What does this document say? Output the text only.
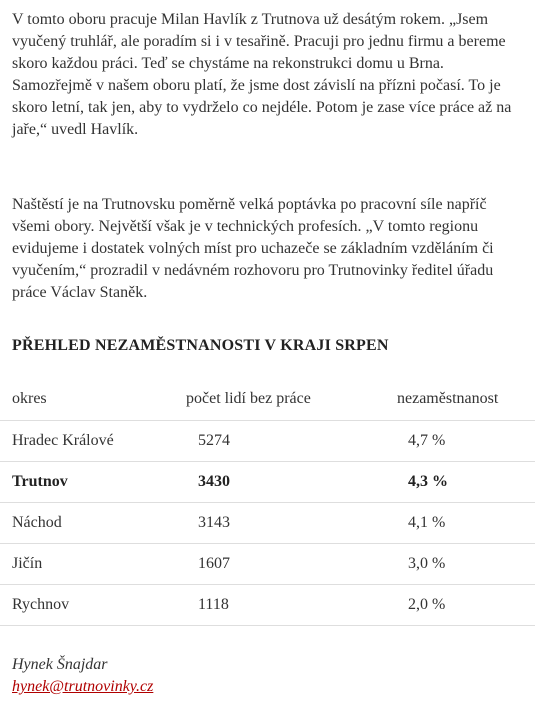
V tomto oboru pracuje Milan Havlík z Trutnova už desátým rokem. „Jsem vyučený truhlář, ale poradím si i v tesařině. Pracuji pro jednu firmu a bereme skoro každou práci. Teď se chystáme na rekonstrukci domu u Brna. Samozřejmě v našem oboru platí, že jsme dost závislí na přízni počasí. To je skoro letní, tak jen, aby to vydrželo co nejdéle. Potom je zase více práce až na jaře,“ uvedl Havlík.

Naštěstí je na Trutnovsku poměrně velká poptávka po pracovní síle napříč všemi obory. Největší však je v technických profesích. „V tomto regionu evidujeme i dostatek volných míst pro uchazeče se základním vzděláním či vyučením,“ prozradil v nedávném rozhovoru pro Trutnovinky ředitel úřadu práce Václav Staněk.

PŘEHLED NEZAMĚSTNANOSTI V KRAJI SRPEN
okres	počet lidí bez práce	nezaměstnanost
Hradec Králové	5274	4,7 %
Trutnov	3430	4,3 %
Náchod	3143	4,1 %
Jičín	1607	3,0 %
Rychnov	1118	2,0 %
Hynek Šnajdar
hynek@trutnovinky.cz
